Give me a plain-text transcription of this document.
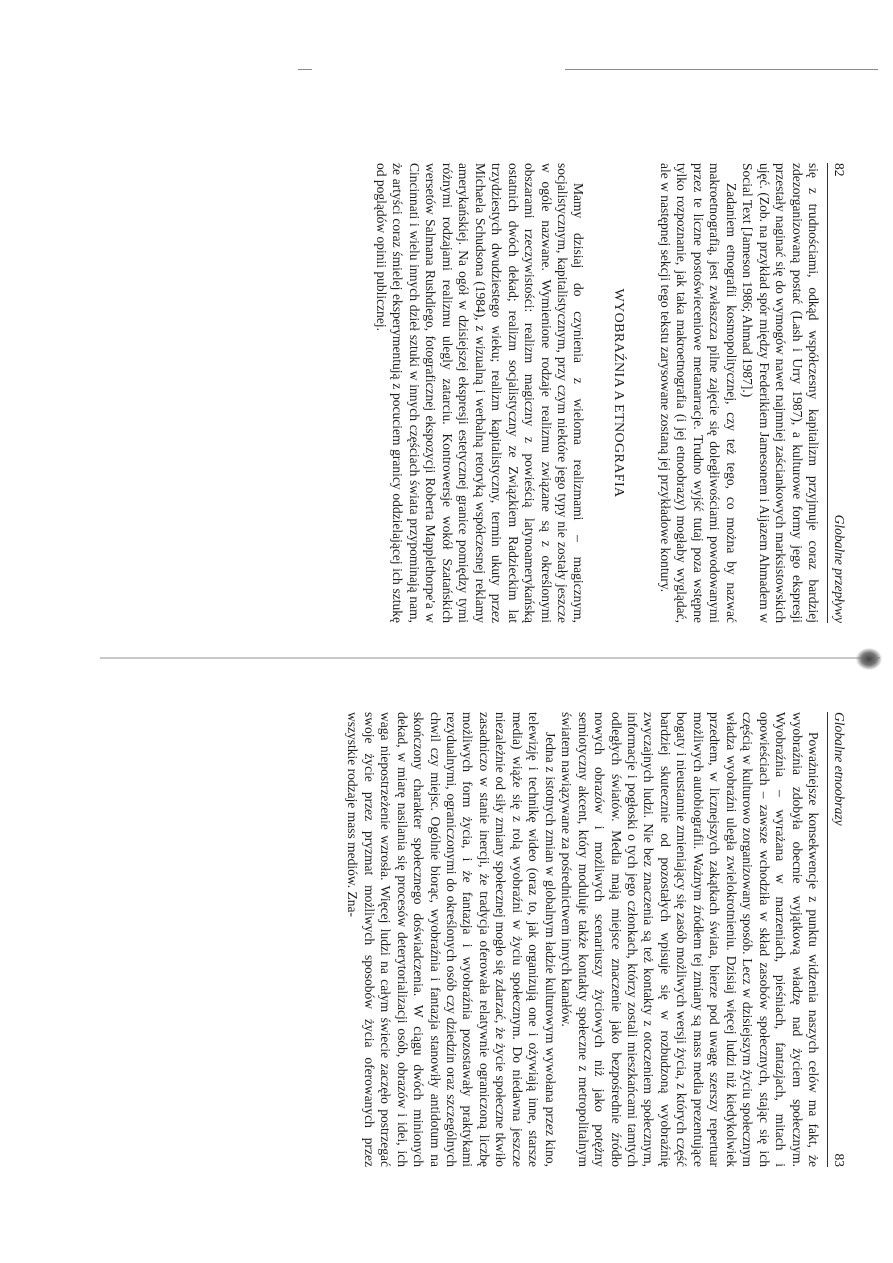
82
Globalne przepływy

się z trudnościami, odkąd współczesny kapitalizm przyjmuje coraz bardziej zdezorganizowaną postać (Lash i Urry 1987), a kulturowe formy jego ekspresji przestały naginać się do wymogów nawet najmniej zaściankowych marksistowskich ujęć. (Zob. na przykład spór między Frederikiem Jamesonem i Aijazem Ahmadem w Social Text [Jameson 1986; Ahmad 1987].)

Zadaniem etnografii kosmopolitycznej, czy też tego, co można by nazwać makroetnografią, jest zwłaszcza pilne zajęcie się doległiwościami powodowanymi przez te liczne postoświeceniowe metanarracje. Trudno wyjść tutaj poza wstępne tylko rozpoznanie, jak taka makroetnografia (i jej etnoobrazy) mogłaby wyglądać, ale w następnej sekcji tego tekstu zarysowane zostaną jej przykładowe kontury.

WYOBRAŹNIA A ETNOGRAFIA

Mamy dzisiaj do czynienia z wieloma realizmami – magicznym, socjalistycznym, kapitalistycznym, przy czym niektóre jego typy nie zostały jeszcze w ogóle nazwane. Wymienione rodzaje realizmu związane są z określonymi obszarami rzeczywistości: realizm magiczny z powieścią latynoamerykańską ostatnich dwóch dekad; realizm socjalistyczny ze Związkiem Radzieckim lat trzydziestych dwudziestego wieku; realizm kapitalistyczny, termin ukuty przez Michaela Schudsona (1984), z wizualną i werbalną retoryką współczesnej reklamy amerykańskiej. Na ogół w dzisiejszej ekspresji estetycznej granice pomiędzy tymi różnymi rodzajami realizmu ulegly zatarciu. Kontrowersje wokół Szatańskich wersetów Salmana Rushdiego, fotograficznej ekspozycji Roberta Mapplethorpe'a w Cincinnati i wielu innych dzieł sztuki w innych częściach świata przypominają nam, że artyści coraz śmielej eksperymentują z pocuciem granicy oddzielającej ich sztukę od poglądów opinii publicznej.

Globalne etnoobrazy
83

Poważniejsze konsekwencje z punktu widzenia naszych celów ma fakt, że wyobraźnia zdobyła obecnie wyjątkową władzę nad życiem społecznym. Wyobraźnia – wyrażana w marzeniach, pieśniach, fantazjach, mitach i opowieściach – zawsze wchodziła w skład zasobów społecznych, stając się ich częścią w kulturowo zorganizowany sposób. Lecz w dzisiejszym życiu społecznym władza wyobraźni uległa zwielokrotnieniu. Dzisiaj więcej ludzi niż kiedykolwiek przedtem, w licznejszych zakątkach świata, bierze pod uwagę szerszy repertuar możliwych autobiografii. Ważnym źródłem tej zmiany są mass media prezentujące bogaty i nieustannie zmieniający się zasób możliwych wersji życia, z których część bardziej skutecznie od pozostałych wpisuje się w rozbudzoną wyobraźnię zwyczajnych ludzi. Nie bez znaczenia są też kontakty z otoczeniem społecznym, informacje i pogłoski o tych jego członkach, którzy zostali mieszkańcami tamtych odległych światów. Media mają miejsce znaczenie jako bezpośrednie źródło nowych obrazów i możliwych scenariuszy życiowych niż jako potężny semiotyczny akcent, który moduluje także kontakty społeczne z metropolitalnym światem nawiązywane za pośrednictwem innych kanałów.

Jedna z istotnych zmian w globalnym ładzie kulturowym wywołana przez kino, telewizję i technikę wideo (oraz to, jak organizują one i ożywiają inne, starsze media) wiąże się z rolą wyobraźni w życiu społecznym. Do niedawna jeszcze niezależnie od siły zmiany społecznej mogło się zdarzać, że życie społeczne tkwiło zasadniczo w stanie inercji, że tradycja oferowała relatywnie ograniczoną liczbę możliwych form życia, i że fantazja i wyobraźnia pozostawały praktykami rezydualnymi, ograniczonymi do określonych osób czy dziedzin oraz szczególnych chwil czy miejsc. Ogólnie biorąc, wyobraźnia i fantazja stanowiły antidotum na skończony charakter społecznego doświadczenia. W ciągu dwóch minionych dekad, w miarę nasilania się procesów deterytorializacji osób, obrazów i idei, ich waga niepostrzeżenie wzrosła. Więcej ludzi na całym świecie zaczęło postrzegać swoje życie przez pryzmat możliwych sposobów życia oferowanych przez wszystkie rodzaje mass mediów. Zna-
